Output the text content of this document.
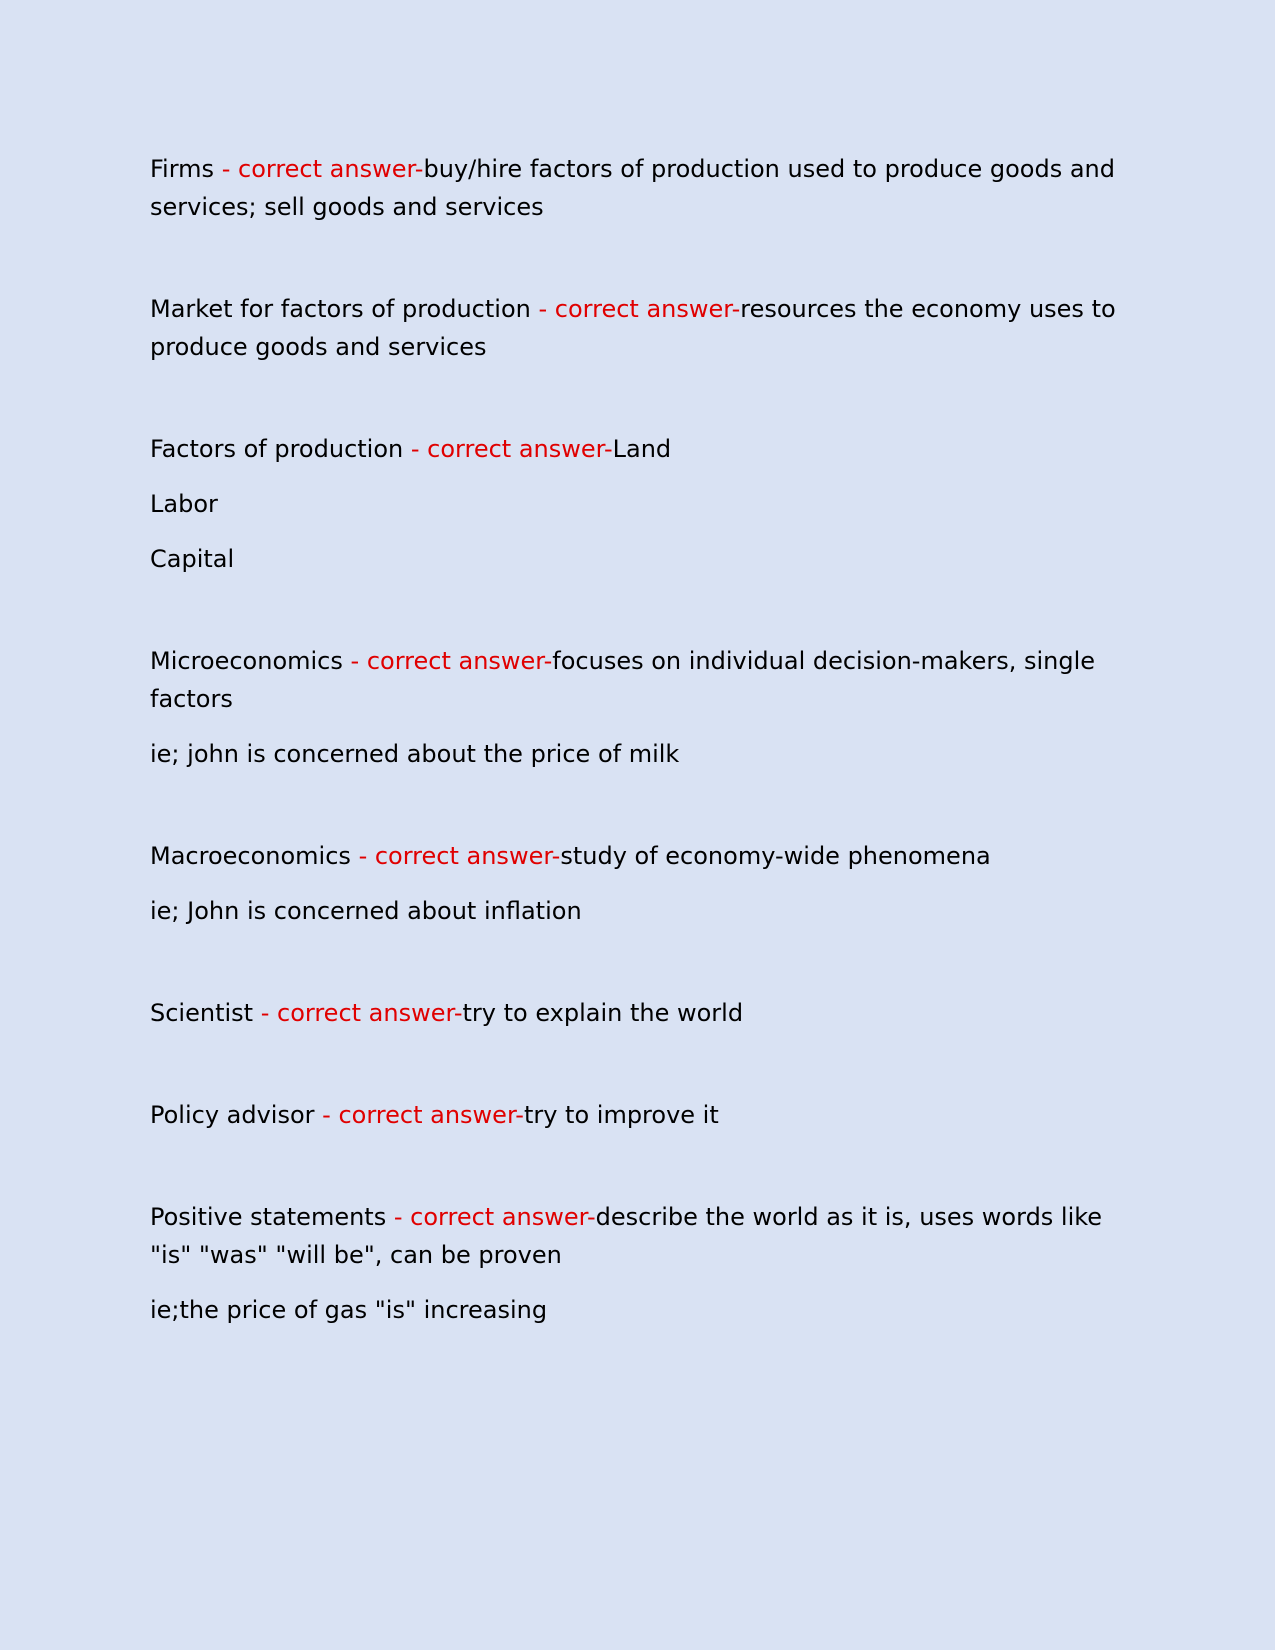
Firms - correct answer-buy/hire factors of production used to produce goods and services; sell goods and services

Market for factors of production - correct answer-resources the economy uses to produce goods and services

Factors of production - correct answer-Land

Labor
Capital

Microeconomics - correct answer-focuses on individual decision-makers, single factors

ie; john is concerned about the price of milk

Macroeconomics - correct answer-study of economy-wide phenomena

ie; John is concerned about inflation

Scientist - correct answer-try to explain the world

Policy advisor - correct answer-try to improve it

Positive statements - correct answer-describe the world as it is, uses words like "is" "was" "will be", can be proven

ie;the price of gas "is" increasing
